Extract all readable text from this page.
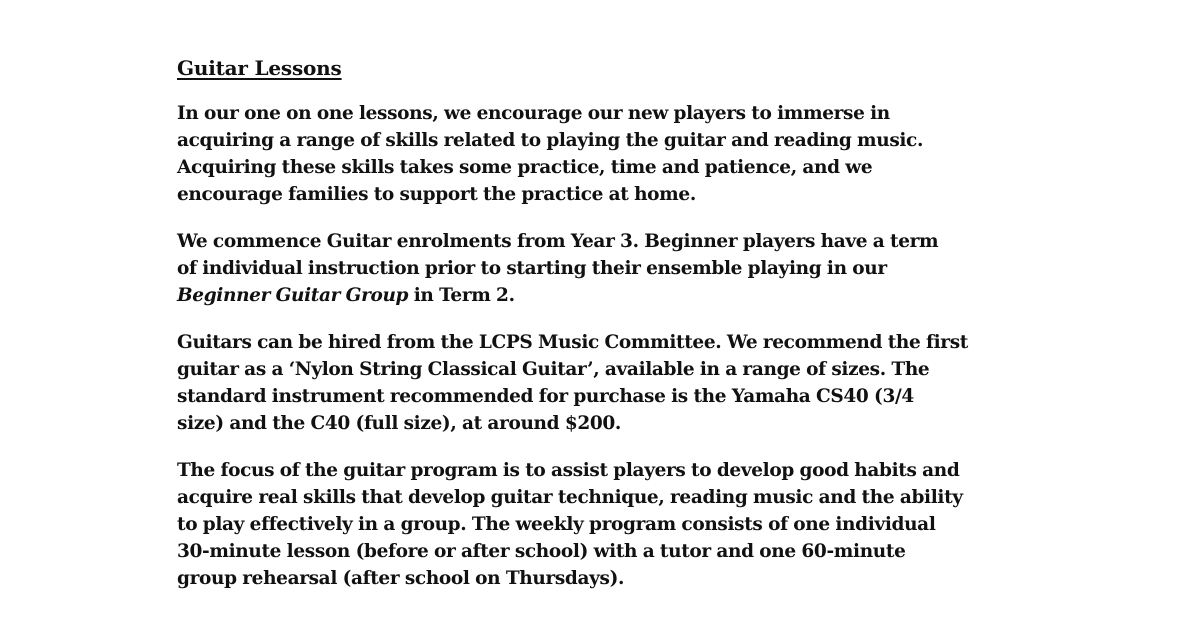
Guitar Lessons
In our one on one lessons, we encourage our new players to immerse in
acquiring a range of skills related to playing the guitar and reading music.
Acquiring these skills takes some practice, time and patience, and we
encourage families to support the practice at home.
We commence Guitar enrolments from Year 3. Beginner players have a term
of individual instruction prior to starting their ensemble playing in our
Beginner Guitar Group in Term 2.
Guitars can be hired from the LCPS Music Committee. We recommend the first
guitar as a ‘Nylon String Classical Guitar’, available in a range of sizes. The
standard instrument recommended for purchase is the Yamaha CS40 (3/4
size) and the C40 (full size), at around $200.
The focus of the guitar program is to assist players to develop good habits and
acquire real skills that develop guitar technique, reading music and the ability
to play effectively in a group. The weekly program consists of one individual
30-minute lesson (before or after school) with a tutor and one 60-minute
group rehearsal (after school on Thursdays).
